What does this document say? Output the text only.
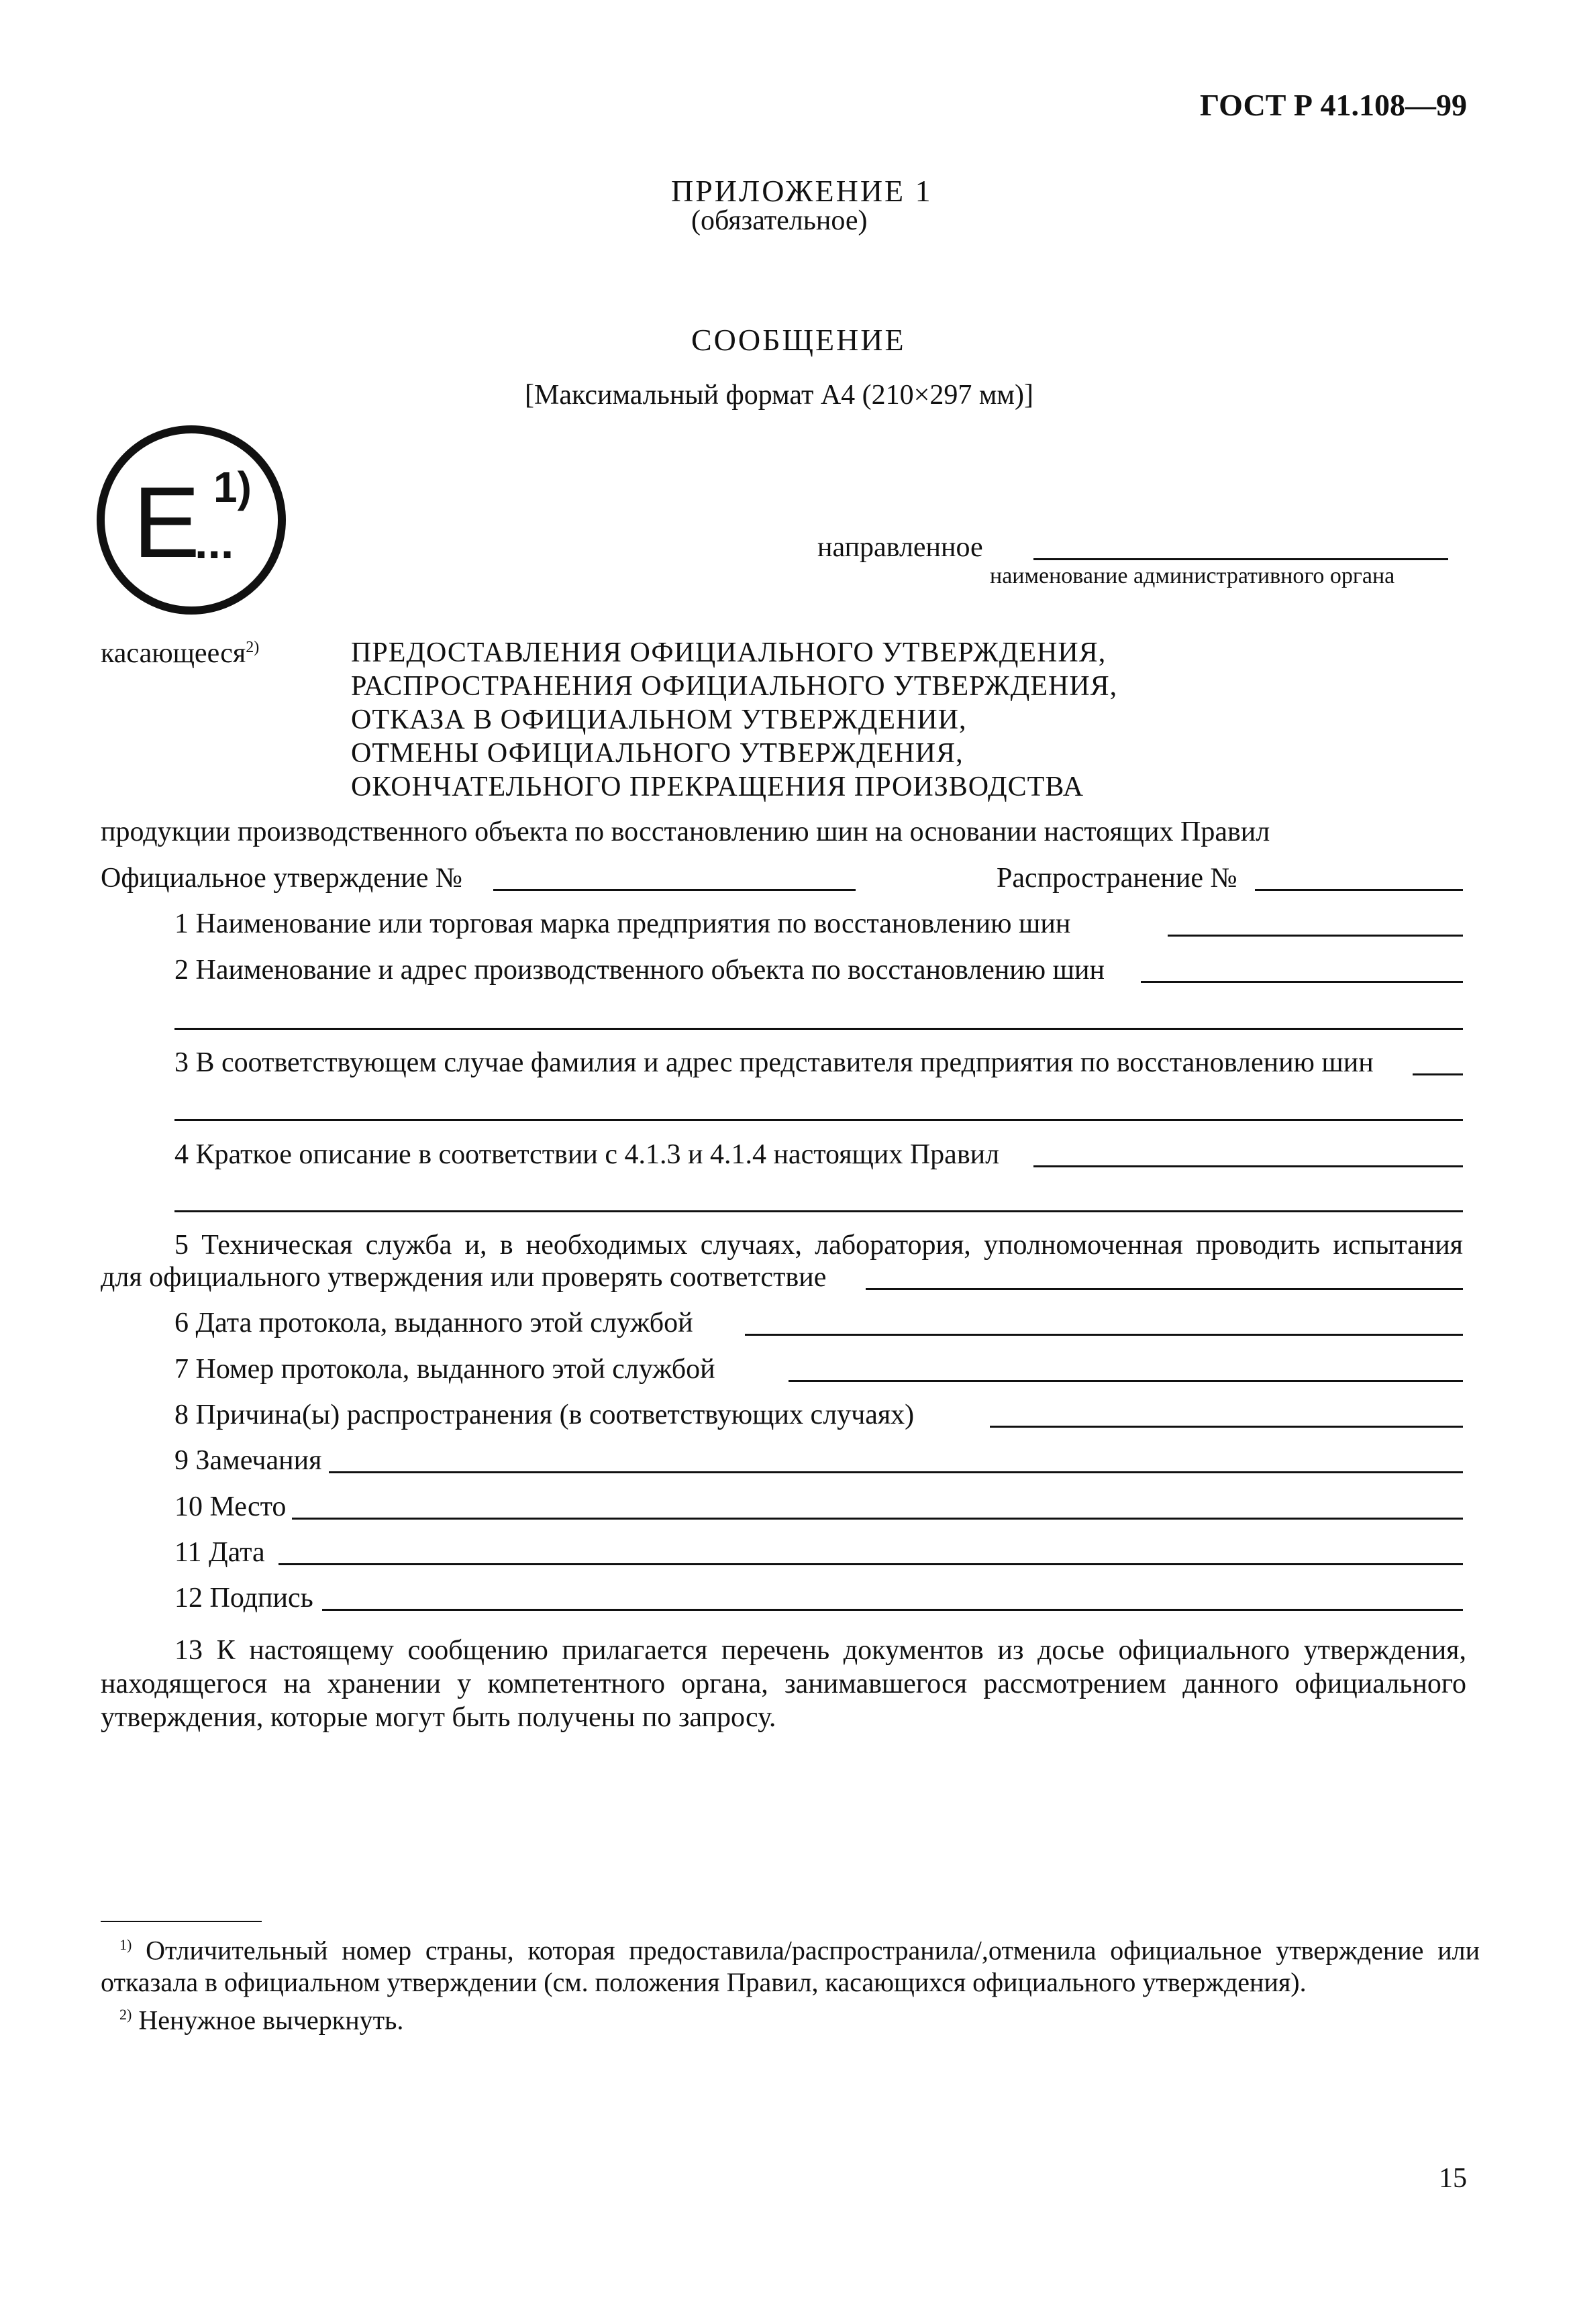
ГОСТ Р 41.108—99
ПРИЛОЖЕНИЕ 1
(обязательное)
СООБЩЕНИЕ
[Максимальный формат А4 (210×297 мм)]
E
...
1)
направленное
наименование административного органа
касающееся$^{2)}$	ПРЕДОСТАВЛЕНИЯ ОФИЦИАЛЬНОГО УТВЕРЖДЕНИЯ,
РАСПРОСТРАНЕНИЯ ОФИЦИАЛЬНОГО УТВЕРЖДЕНИЯ,
ОТКАЗА В ОФИЦИАЛЬНОМ УТВЕРЖДЕНИИ,
ОТМЕНЫ ОФИЦИАЛЬНОГО УТВЕРЖДЕНИЯ,
ОКОНЧАТЕЛЬНОГО ПРЕКРАЩЕНИЯ ПРОИЗВОДСТВА
продукции производственного объекта по восстановлению шин на основании настоящих Правил
Официальное утверждение №	Распространение №
1 Наименование или торговая марка предприятия по восстановлению шин
2 Наименование и адрес производственного объекта по восстановлению шин
3 В соответствующем случае фамилия и адрес представителя предприятия по восстановлению шин
4 Краткое описание в соответствии с 4.1.3 и 4.1.4 настоящих Правил
5 Техническая служба и, в необходимых случаях, лаборатория, уполномоченная проводить испытания
для официального утверждения или проверять соответствие
6 Дата протокола, выданного этой службой
7 Номер протокола, выданного этой службой
8 Причина(ы) распространения (в соответствующих случаях)
9 Замечания
10 Место
11 Дата
12 Подпись
13 К настоящему сообщению прилагается перечень документов из досье официального утверждения, находящегося на хранении у компетентного органа, занимавшегося рассмотрением данного официального утверждения, которые могут быть получены по запросу.

$^{1)}$ Отличительный номер страны, которая предоставила/распространила/,отменила официальное утверждение или отказала в официальном утверждении (см. положения Правил, касающихся официального утверждения).

$^{2)}$ Ненужное вычеркнуть.

15
